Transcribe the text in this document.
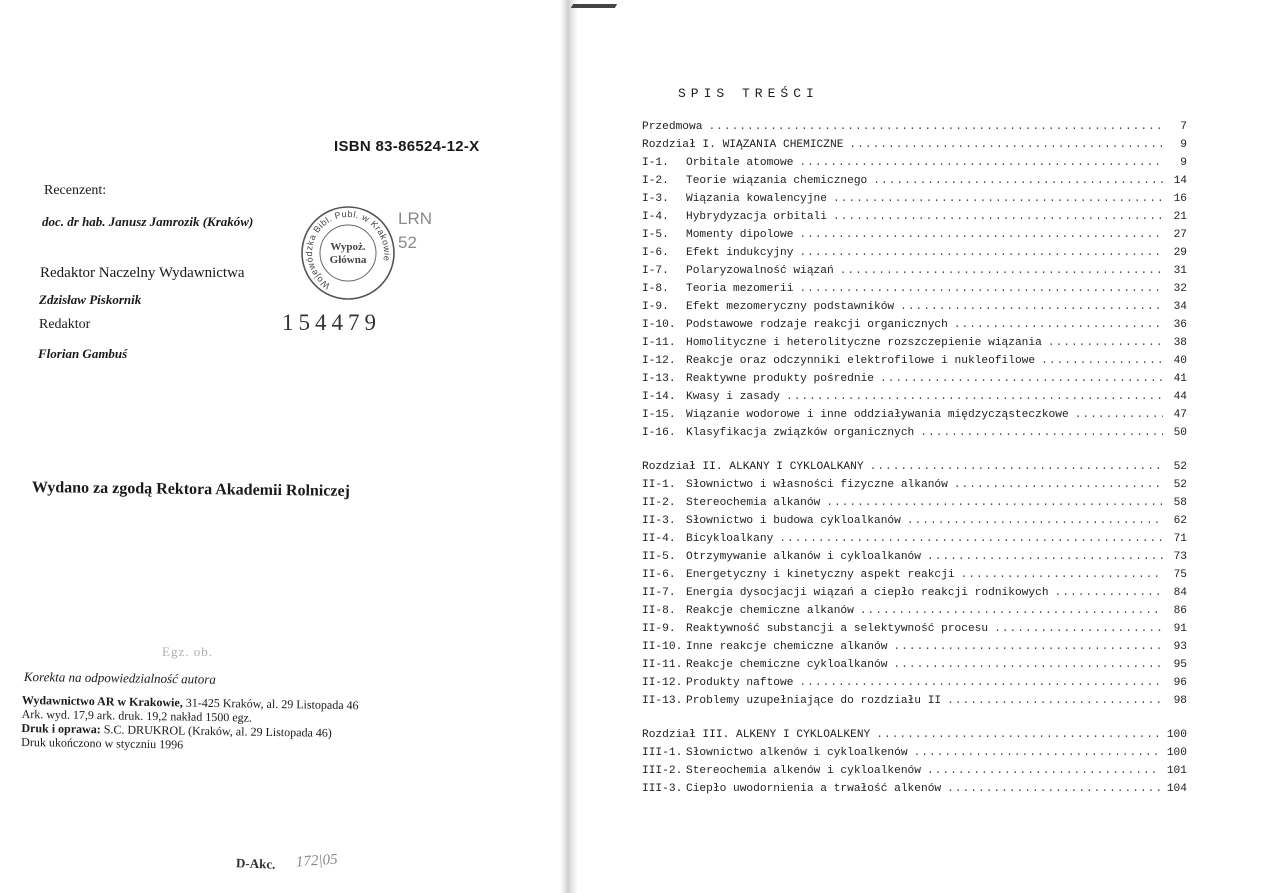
ISBN 83-86524-12-X
Recenzent:
doc. dr hab. Janusz Jamrozik (Kraków)
Redaktor Naczelny Wydawnictwa
Zdzisław Piskornik
Redaktor
Florian Gambuś
154479
Wojewódzka Bibl. Publ. w Krakowie
Wypoż.
Główna
LRN
52
Wydano za zgodą Rektora Akademii Rolniczej
Egz. ob.
Korekta na odpowiedzialność autora
Wydawnictwo AR w Krakowie, 31-425 Kraków, al. 29 Listopada 46
Ark. wyd. 17,9 ark. druk. 19,2 nakład 1500 egz.
Druk i oprawa: S.C. DRUKROL (Kraków, al. 29 Listopada 46)
Druk ukończono w styczniu 1996
D-Akc. 172|05
SPIS TREŚCI
Przedmowa .....	7
Rozdział I. WIĄZANIA CHEMICZNE .....	9
I-1.	Orbitale atomowe .....	9
I-2.	Teorie wiązania chemicznego .....	14
I-3.	Wiązania kowalencyjne .....	16
I-4.	Hybrydyzacja orbitali .....	21
I-5.	Momenty dipolowe .....	27
I-6.	Efekt indukcyjny .....	29
I-7.	Polaryzowalność wiązań .....	31
I-8.	Teoria mezomerii .....	32
I-9.	Efekt mezomeryczny podstawników .....	34
I-10. Podstawowe rodzaje reakcji organicznych .....	36
I-11. Homolityczne i heterolityczne rozszczepienie wiązania .....	38
I-12. Reakcje oraz odczynniki elektrofilowe i nukleofilowe .....	40
I-13. Reaktywne produkty pośrednie .....	41
I-14. Kwasy i zasady .....	44
I-15. Wiązanie wodorowe i inne oddziaływania międzycząsteczkowe .....	47
I-16. Klasyfikacja związków organicznych .....	50
Rozdział II. ALKANY I CYKLOALKANY .....	52
II-1. Słownictwo i własności fizyczne alkanów .....	52
II-2. Stereochemia alkanów .....	58
II-3. Słownictwo i budowa cykloalkanów .....	62
II-4. Bicykloalkany .....	71
II-5. Otrzymywanie alkanów i cykloalkanów .....	73
II-6. Energetyczny i kinetyczny aspekt reakcji .....	75
II-7. Energia dysocjacji wiązań a ciepło reakcji rodnikowych .....	84
II-8. Reakcje chemiczne alkanów .....	86
II-9. Reaktywność substancji a selektywność procesu .....	91
II-10. Inne reakcje chemiczne alkanów .....	93
II-11. Reakcje chemiczne cykloalkanów .....	95
II-12. Produkty naftowe .....	96
II-13. Problemy uzupełniające do rozdziału II .....	98
Rozdział III. ALKENY I CYKLOALKENY .....	100
III-1. Słownictwo alkenów i cykloalkenów .....	100
III-2. Stereochemia alkenów i cykloalkenów .....	101
III-3. Ciepło uwodornienia a trwałość alkenów .....	104
